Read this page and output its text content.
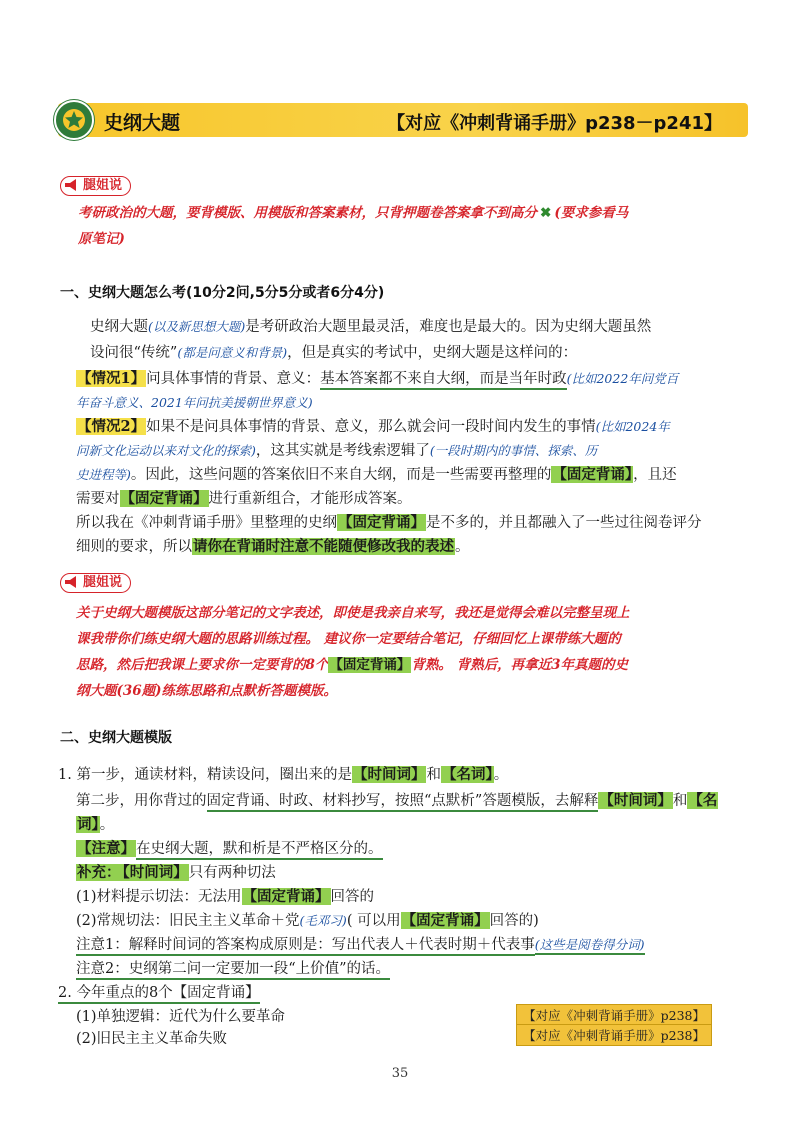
史纲大题	【对应《冲刺背诵手册》p238－p241】
腿姐说
考研政治的大题，要背模版、用模版和答案素材，只背押题卷答案拿不到高分 ✖ (要求参看马
原笔记)
一、史纲大题怎么考(10分2问,5分5分或者6分4分)
史纲大题(以及新思想大题)是考研政治大题里最灵活，难度也是最大的。因为史纲大题虽然
设问很“传统”(都是问意义和背景)，但是真实的考试中，史纲大题是这样问的：
【情况1】问具体事情的背景、意义：基本答案都不来自大纲，而是当年时政(比如2022年问党百
年奋斗意义、2021年问抗美援朝世界意义)
【情况2】如果不是问具体事情的背景、意义，那么就会问一段时间内发生的事情(比如2024年
问新文化运动以来对文化的探索)，这其实就是考线索逻辑了(一段时期内的事情、探索、历
史进程等)。因此，这些问题的答案依旧不来自大纲，而是一些需要再整理的【固定背诵】，且还
需要对【固定背诵】进行重新组合，才能形成答案。
所以我在《冲刺背诵手册》里整理的史纲【固定背诵】是不多的，并且都融入了一些过往阅卷评分
细则的要求，所以请你在背诵时注意不能随便修改我的表述。
腿姐说
关于史纲大题模版这部分笔记的文字表述，即使是我亲自来写，我还是觉得会难以完整呈现上
课我带你们练史纲大题的思路训练过程。 建议你一定要结合笔记，仔细回忆上课带练大题的
思路，然后把我课上要求你一定要背的8个【固定背诵】背熟。 背熟后，再拿近3年真题的史
纲大题(36题)练练思路和点默析答题模版。
二、史纲大题模版
1. 第一步，通读材料，精读设问，圈出来的是【时间词】和【名词】。
第二步，用你背过的固定背诵、时政、材料抄写，按照“点默析”答题模版，去解释【时间词】和【名
词】。
【注意】在史纲大题，默和析是不严格区分的。
补充： 【时间词】只有两种切法
(1)材料提示切法：无法用【固定背诵】回答的
(2)常规切法：旧民主主义革命＋党(毛邓习)( 可以用【固定背诵】回答的)
注意1：解释时间词的答案构成原则是：写出代表人＋代表时期＋代表事(这些是阅卷得分词)
注意2：史纲第二问一定要加一段“上价值”的话。
2. 今年重点的8个【固定背诵】
(1)单独逻辑：近代为什么要革命	【对应《冲刺背诵手册》p238】
(2)旧民主主义革命失败	【对应《冲刺背诵手册》p238】
35
